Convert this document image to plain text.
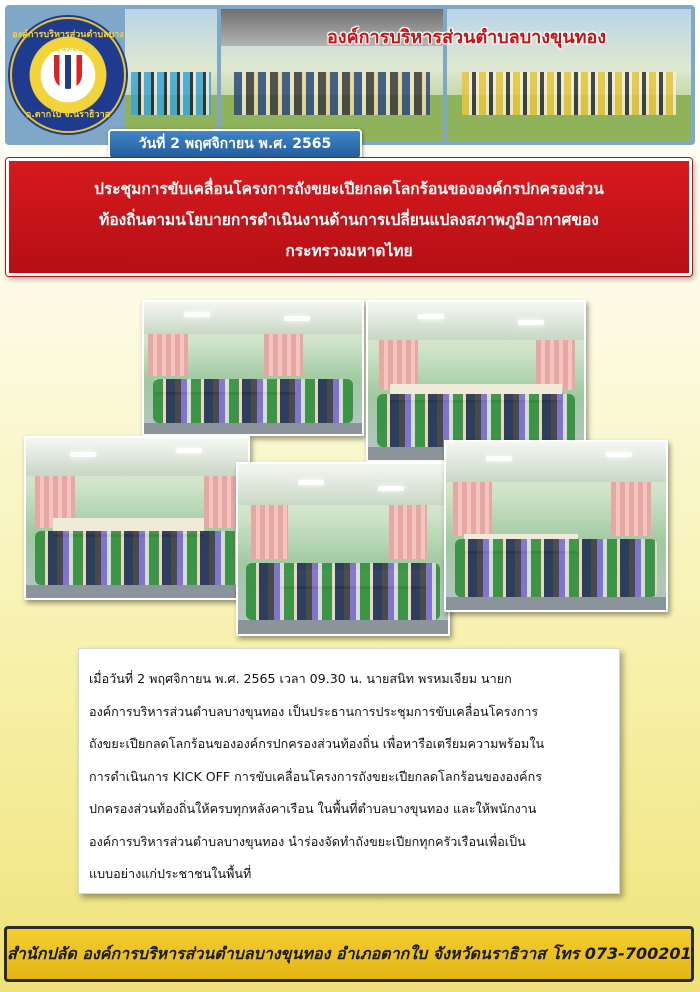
องค์การบริหารส่วนตำบลบางขุนทอง
อ.ตากใบ จ.นราธิวาส
องค์การบริหารส่วนตำบลบางขุนทอง
วันที่ 2 พฤศจิกายน พ.ศ. 2565
ประชุมการขับเคลื่อนโครงการถังขยะเปียกลดโลกร้อนขององค์กรปกครองส่วน
ท้องถิ่นตามนโยบายการดำเนินงานด้านการเปลี่ยนแปลงสภาพภูมิอากาศของ
กระทรวงมหาดไทย
เมื่อวันที่ 2 พฤศจิกายน พ.ศ. 2565 เวลา 09.30 น. นายสนิท พรหมเจียม นายก
องค์การบริหารส่วนตำบลบางขุนทอง เป็นประธานการประชุมการขับเคลื่อนโครงการ
ถังขยะเปียกลดโลกร้อนขององค์กรปกครองส่วนท้องถิ่น เพื่อหารือเตรียมความพร้อมใน
การดำเนินการ KICK OFF การขับเคลื่อนโครงการถังขยะเปียกลดโลกร้อนขององค์กร
ปกครองส่วนท้องถิ่นให้ครบทุกหลังคาเรือน ในพื้นที่ตำบลบางขุนทอง และให้พนักงาน
องค์การบริหารส่วนตำบลบางขุนทอง นำร่องจัดทำถังขยะเปียกทุกครัวเรือนเพื่อเป็น
แบบอย่างแก่ประชาชนในพื้นที่
สำนักปลัด องค์การบริหารส่วนตำบลบางขุนทอง อำเภอตากใบ จังหวัดนราธิวาส โทร 073-700201
